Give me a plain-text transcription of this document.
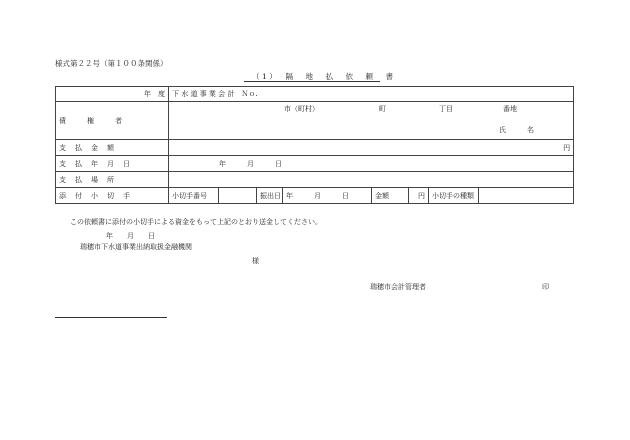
様式第２２号（第１００条関係）
（1）　隔　地　払　依　頼　書
年　度	下 水 道 事 業 会 計　Ｎｏ.							
債　　　権　　　者	市（町村） 町 丁目 番地
氏　　　名							

支払金額	円							
支払年月日	年　　　月　　　日							
支払場所								
添付小切手	小切手番号		振出日	年　　　月　　　日	金額	円	小切手の種類	
この依頼書に添付の小切手による資金をもって上記のとおり送金してください。
年　　月　　日
瑞穂市下水道事業出納取扱金融機関
様
瑞穂市会計管理者	印
